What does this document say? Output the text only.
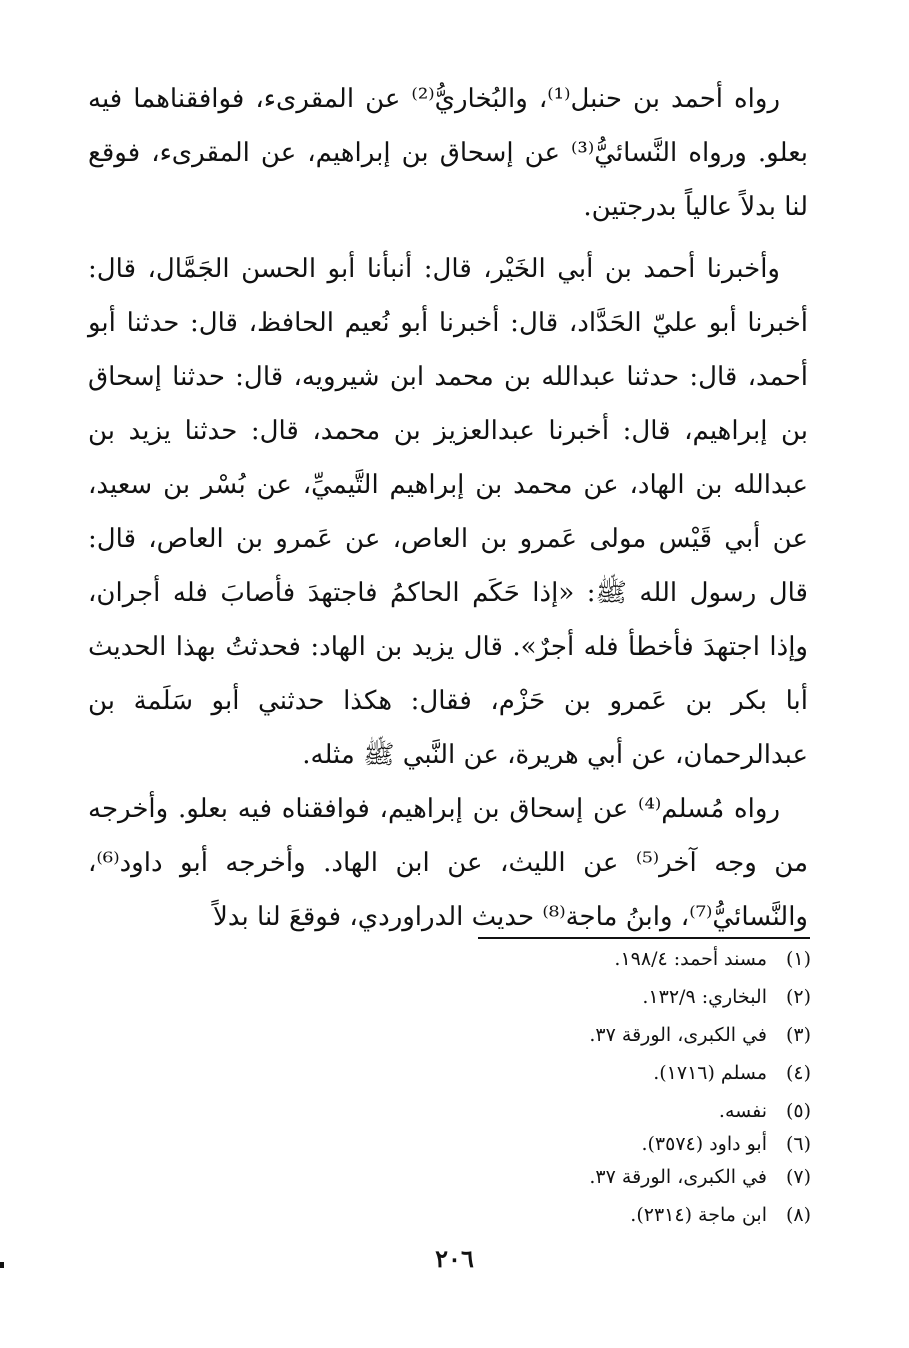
رواه أحمد بن حنبل⁽¹⁾، والبُخاريُّ⁽²⁾ عن المقرىء، فوافقناهما فيه بعلو. ورواه النَّسائيُّ⁽³⁾ عن إسحاق بن إبراهيم، عن المقرىء، فوقع لنا بدلاً عالياً بدرجتين.

وأخبرنا أحمد بن أبي الخَيْر، قال: أنبأنا أبو الحسن الجَمَّال، قال: أخبرنا أبو عليّ الحَدَّاد، قال: أخبرنا أبو نُعيم الحافظ، قال: حدثنا أبو أحمد، قال: حدثنا عبدالله بن محمد ابن شيرويه، قال: حدثنا إسحاق بن إبراهيم، قال: أخبرنا عبدالعزيز بن محمد، قال: حدثنا يزيد بن عبدالله بن الهاد، عن محمد بن إبراهيم التَّيميِّ، عن بُسْر بن سعيد، عن أبي قَيْس مولى عَمرو بن العاص، عن عَمرو بن العاص، قال: قال رسول الله ﷺ: «إذا حَكَم الحاكمُ فاجتهدَ فأصابَ فله أجران، وإذا اجتهدَ فأخطأ فله أجرٌ». قال يزيد بن الهاد: فحدثتُ بهذا الحديث أبا بكر بن عَمرو بن حَزْم، فقال: هكذا حدثني أبو سَلَمة بن عبدالرحمان، عن أبي هريرة، عن النَّبي ﷺ مثله.

رواه مُسلم⁽⁴⁾ عن إسحاق بن إبراهيم، فوافقناه فيه بعلو. وأخرجه من وجه آخر⁽⁵⁾ عن الليث، عن ابن الهاد. وأخرجه أبو داود⁽⁶⁾، والنَّسائيُّ⁽⁷⁾، وابنُ ماجة⁽⁸⁾ حديث الدراوردي، فوقعَ لنا بدلاً

(١)مسند أحمد: ١٩٨/٤.
(٢)البخاري: ١٣٢/٩.
(٣)في الكبرى، الورقة ٣٧.
(٤)مسلم (١٧١٦).
(٥)نفسه.
(٦)أبو داود (٣٥٧٤).
(٧)في الكبرى، الورقة ٣٧.
(٨)ابن ماجة (٢٣١٤).
٢٠٦
